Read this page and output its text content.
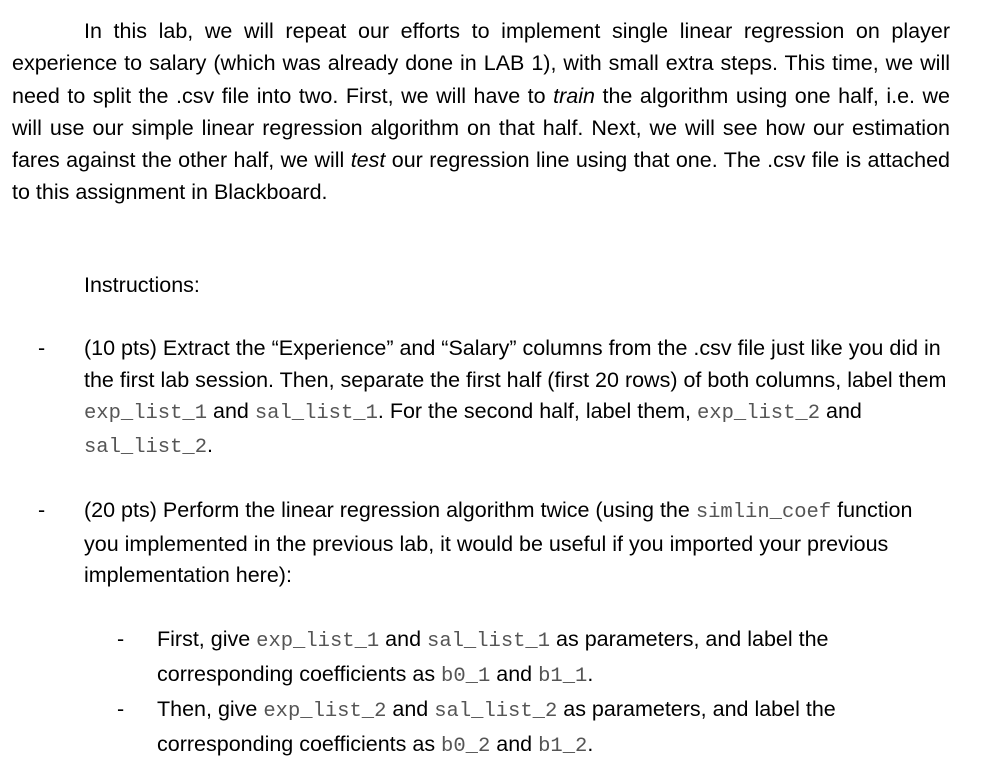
In this lab, we will repeat our efforts to implement single linear regression on player experience to salary (which was already done in LAB 1), with small extra steps. This time, we will need to split the .csv file into two. First, we will have to train the algorithm using one half, i.e. we will use our simple linear regression algorithm on that half. Next, we will see how our estimation fares against the other half, we will test our regression line using that one. The .csv file is attached to this assignment in Blackboard.

Instructions:

- (10 pts) Extract the “Experience” and “Salary” columns from the .csv file just like you did in the first lab session. Then, separate the first half (first 20 rows) of both columns, label them exp_list_1 and sal_list_1. For the second half, label them, exp_list_2 and sal_list_2.

- (20 pts) Perform the linear regression algorithm twice (using the simlin_coef function you implemented in the previous lab, it would be useful if you imported your previous implementation here):

- First, give exp_list_1 and sal_list_1 as parameters, and label the corresponding coefficients as b0_1 and b1_1.

- Then, give exp_list_2 and sal_list_2 as parameters, and label the corresponding coefficients as b0_2 and b1_2.
